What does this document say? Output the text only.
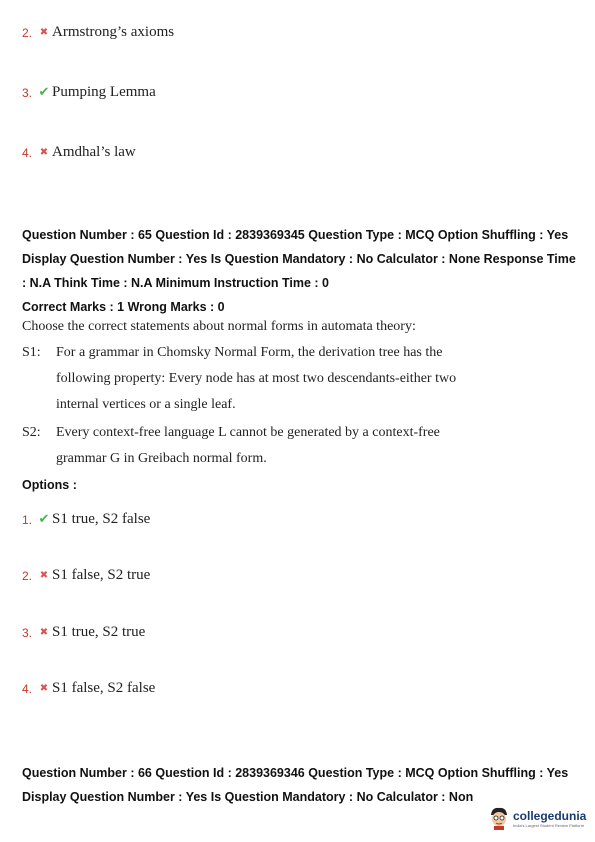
2. ✖ Armstrong’s axioms
3. ✔ Pumping Lemma
4. ✖ Amdhal’s law
Question Number : 65 Question Id : 2839369345 Question Type : MCQ Option Shuffling : Yes
Display Question Number : Yes Is Question Mandatory : No Calculator : None Response Time
: N.A Think Time : N.A Minimum Instruction Time : 0
Correct Marks : 1 Wrong Marks : 0
Choose the correct statements about normal forms in automata theory:
S1: For a grammar in Chomsky Normal Form, the derivation tree has the
following property: Every node has at most two descendants-either two
internal vertices or a single leaf.
S2: Every context-free language L cannot be generated by a context-free
grammar G in Greibach normal form.
Options :
1. ✔ S1 true, S2 false
2. ✖ S1 false, S2 true
3. ✖ S1 true, S2 true
4. ✖ S1 false, S2 false
Question Number : 66 Question Id : 2839369346 Question Type : MCQ Option Shuffling : Yes
Display Question Number : Yes Is Question Mandatory : No Calculator : Non
collegedunia
India's Largest Student Review Platform
